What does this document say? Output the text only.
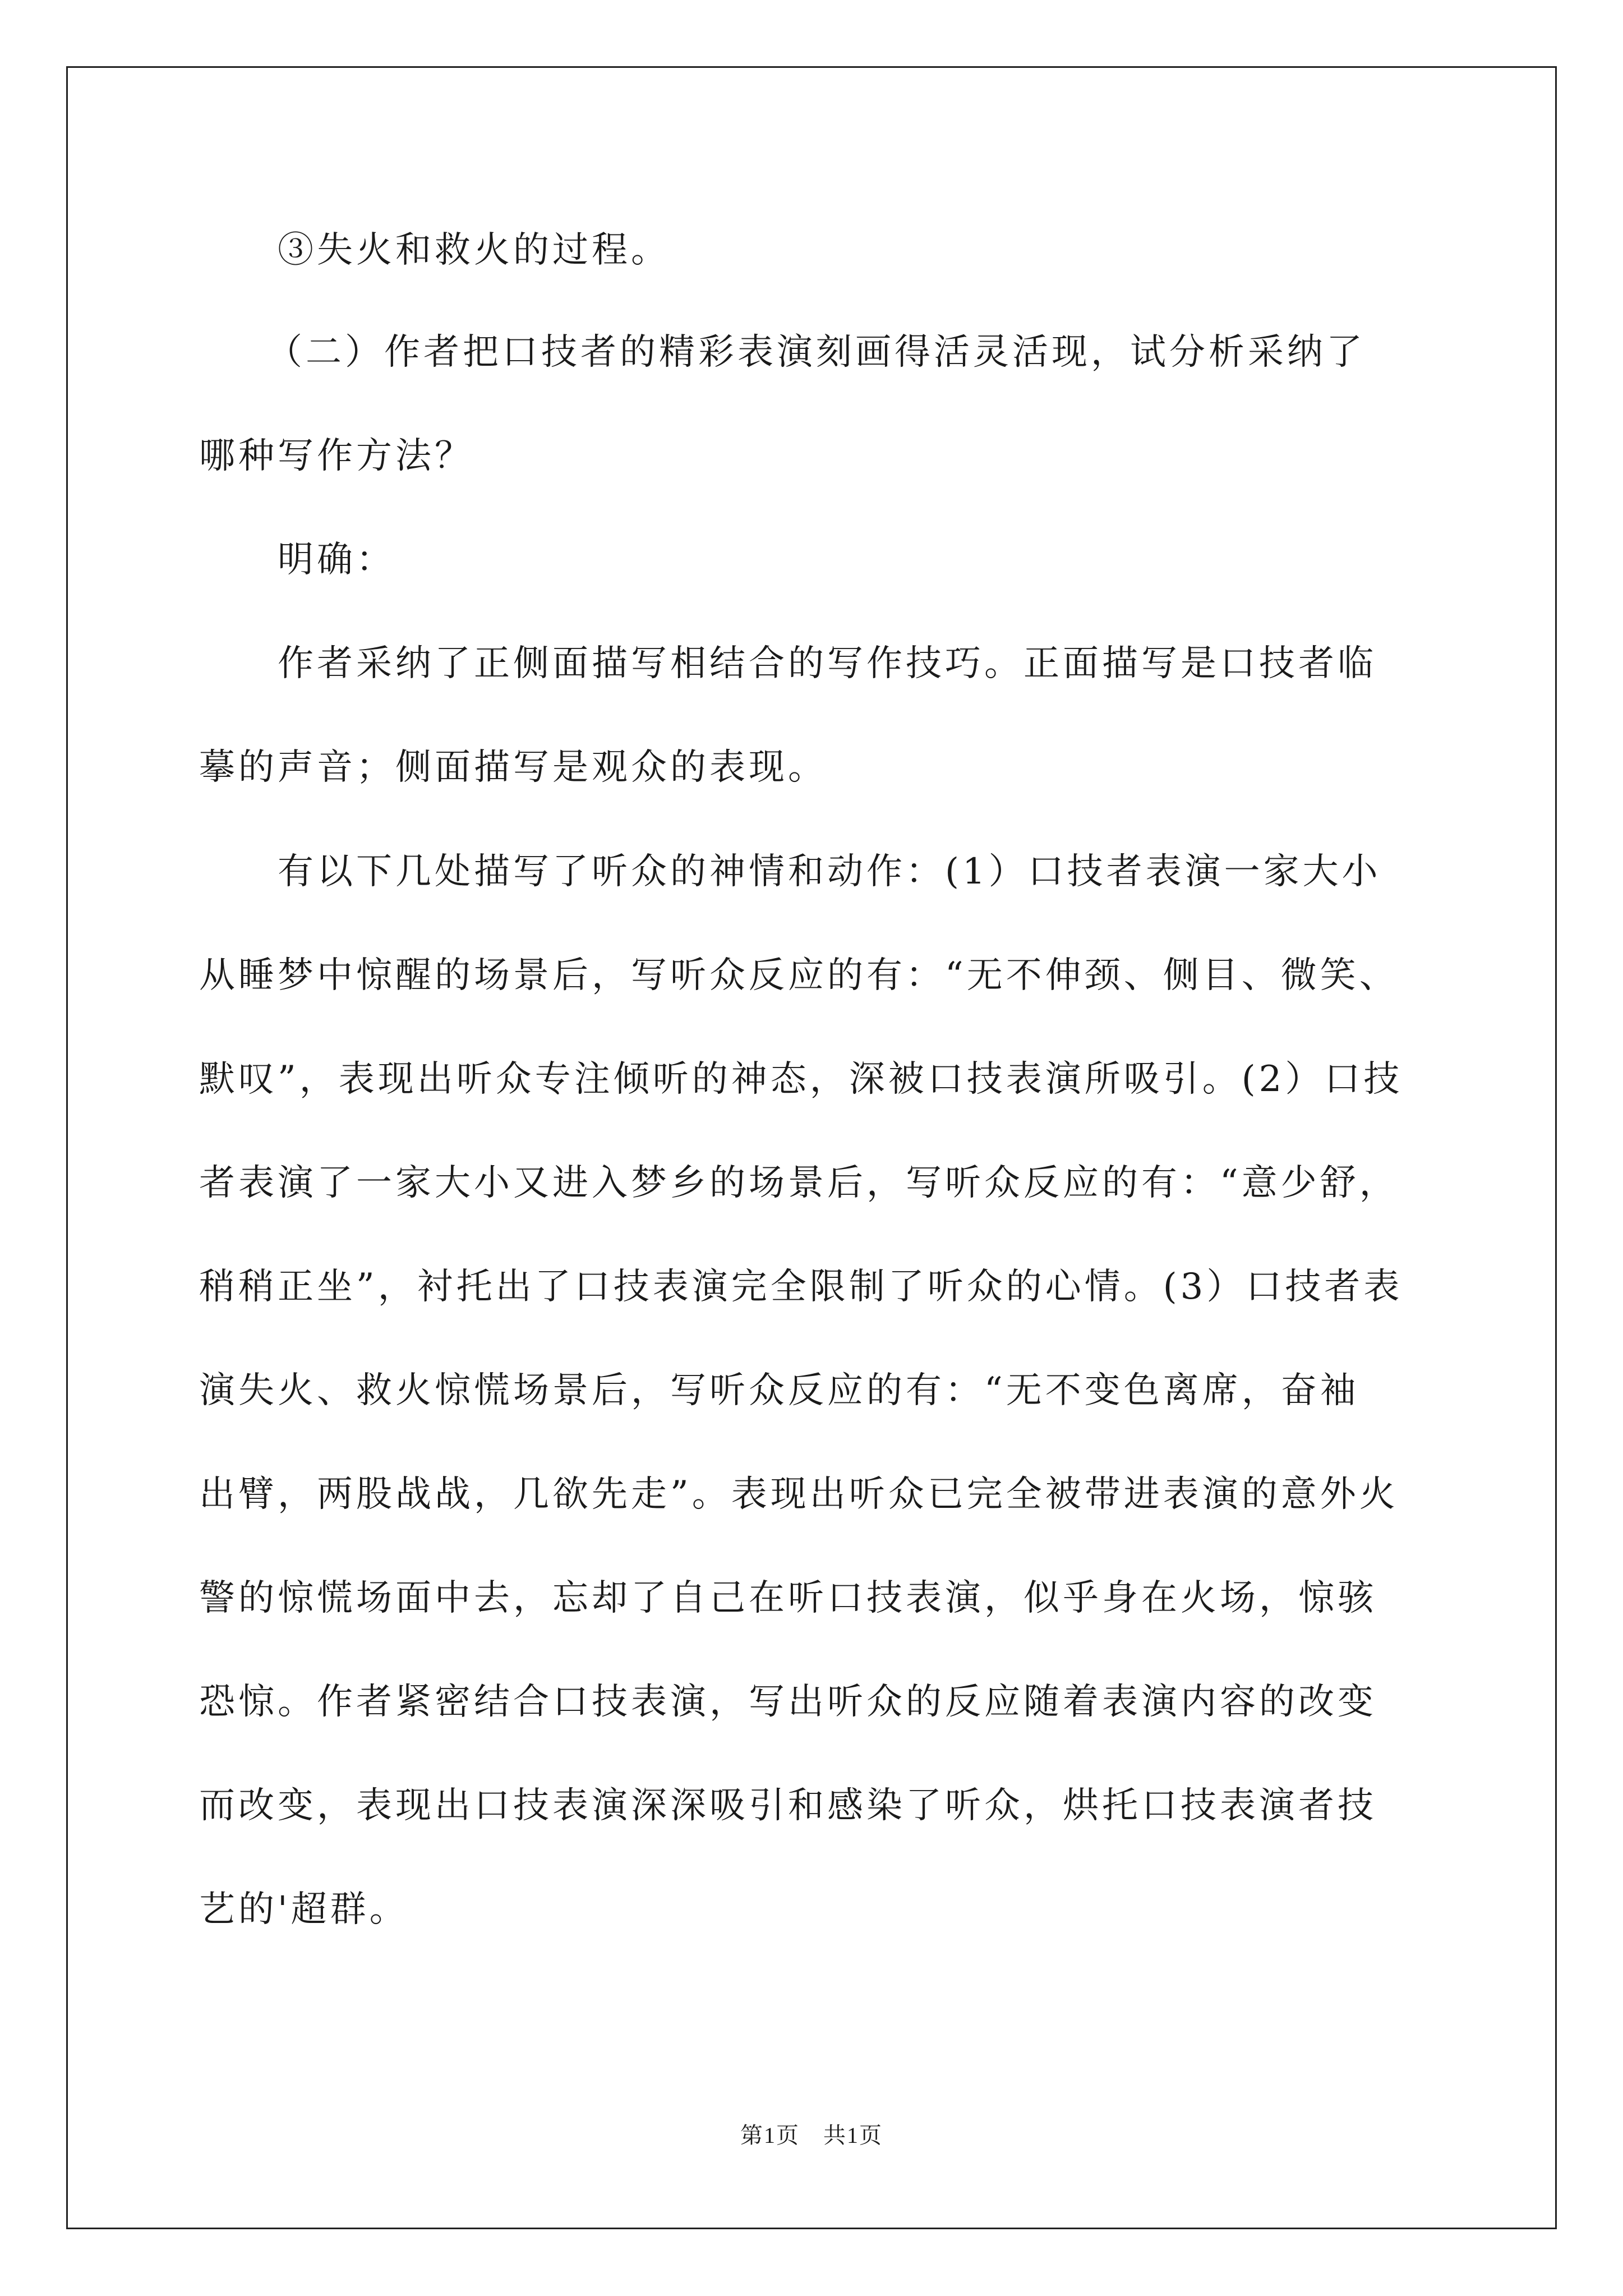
③失火和救火的过程。
（二）作者把口技者的精彩表演刻画得活灵活现，试分析采纳了
哪种写作方法？
明确：
作者采纳了正侧面描写相结合的写作技巧。正面描写是口技者临
摹的声音；侧面描写是观众的表现。
有以下几处描写了听众的神情和动作：(1）口技者表演一家大小
从睡梦中惊醒的场景后，写听众反应的有：“无不伸颈、侧目、微笑、
默叹”，表现出听众专注倾听的神态，深被口技表演所吸引。(2）口技
者表演了一家大小又进入梦乡的场景后，写听众反应的有：“意少舒，
稍稍正坐”，衬托出了口技表演完全限制了听众的心情。(3）口技者表
演失火、救火惊慌场景后，写听众反应的有：“无不变色离席，奋袖
出臂，两股战战，几欲先走”。表现出听众已完全被带进表演的意外火
警的惊慌场面中去，忘却了自己在听口技表演，似乎身在火场，惊骇
恐惊。作者紧密结合口技表演，写出听众的反应随着表演内容的改变
而改变，表现出口技表演深深吸引和感染了听众，烘托口技表演者技
艺的'超群。
第1页　共1页
